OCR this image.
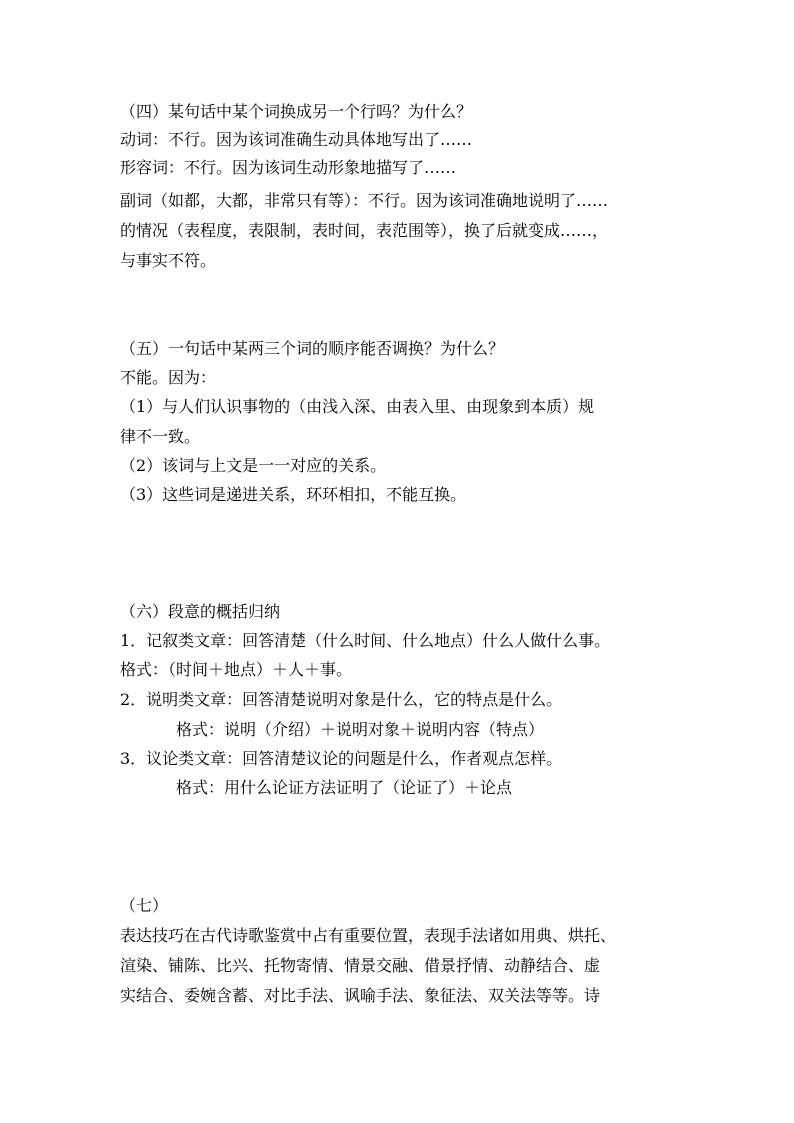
（四）某句话中某个词换成另一个行吗？为什么？
动词：不行。因为该词准确生动具体地写出了……
形容词：不行。因为该词生动形象地描写了……
副词（如都，大都，非常只有等）：不行。因为该词准确地说明了……
的情况（表程度，表限制，表时间，表范围等），换了后就变成……，
与事实不符。
（五）一句话中某两三个词的顺序能否调换？为什么？
不能。因为：
（1）与人们认识事物的（由浅入深、由表入里、由现象到本质）规
律不一致。
（2）该词与上文是一一对应的关系。
（3）这些词是递进关系，环环相扣，不能互换。
（六）段意的概括归纳
1．记叙类文章：回答清楚（什么时间、什么地点）什么人做什么事。
格式：（时间＋地点）＋人＋事。
2．说明类文章：回答清楚说明对象是什么，它的特点是什么。
格式：说明（介绍）＋说明对象＋说明内容（特点）
3．议论类文章：回答清楚议论的问题是什么，作者观点怎样。
格式：用什么论证方法证明了（论证了）＋论点
（七）
表达技巧在古代诗歌鉴赏中占有重要位置，表现手法诸如用典、烘托、
渲染、铺陈、比兴、托物寄情、情景交融、借景抒情、动静结合、虚
实结合、委婉含蓄、对比手法、讽喻手法、象征法、双关法等等。诗
